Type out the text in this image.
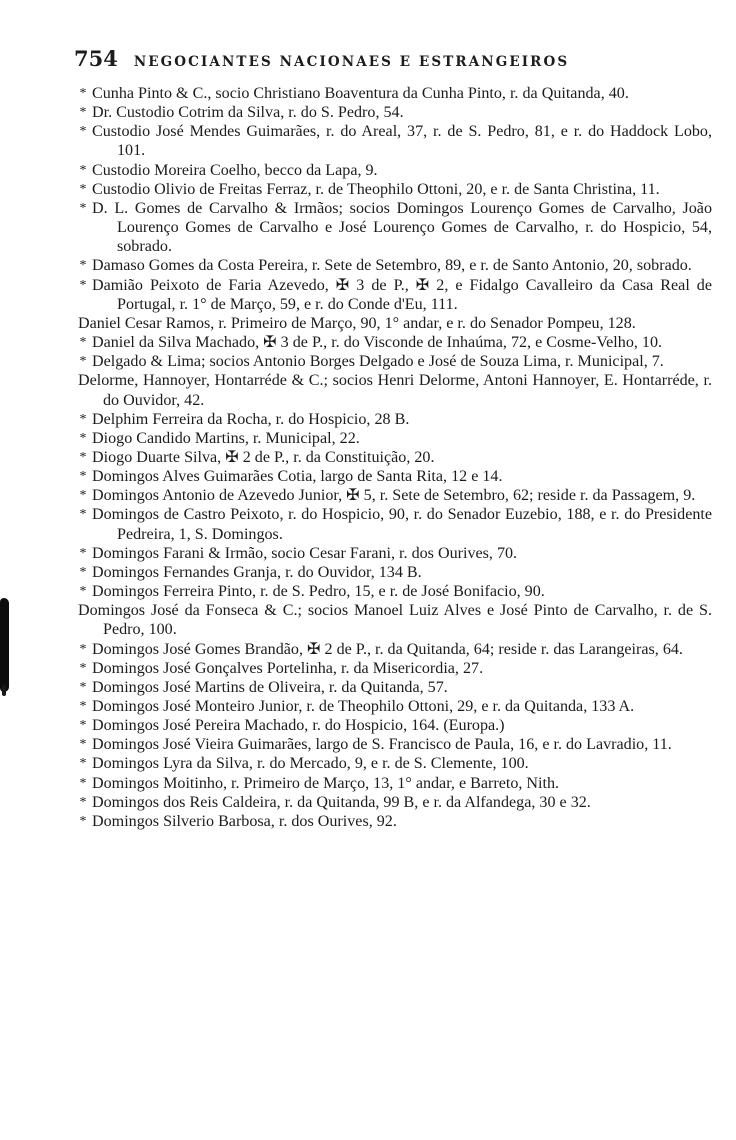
754 NEGOCIANTES NACIONAES E ESTRANGEIROS
* Cunha Pinto & C., socio Christiano Boaventura da Cunha Pinto, r. da Quitanda, 40.
* Dr. Custodio Cotrim da Silva, r. do S. Pedro, 54.
* Custodio José Mendes Guimarães, r. do Areal, 37, r. de S. Pedro, 81, e r. do Haddock Lobo, 101.
* Custodio Moreira Coelho, becco da Lapa, 9.
* Custodio Olivio de Freitas Ferraz, r. de Theophilo Ottoni, 20, e r. de Santa Christina, 11.
* D. L. Gomes de Carvalho & Irmãos; socios Domingos Lourenço Gomes de Carvalho, João Lourenço Gomes de Carvalho e José Lourenço Gomes de Carvalho, r. do Hospicio, 54, sobrado.
* Damaso Gomes da Costa Pereira, r. Sete de Setembro, 89, e r. de Santo Antonio, 20, sobrado.
* Damião Peixoto de Faria Azevedo, ✠ 3 de P., ✠ 2, e Fidalgo Cavalleiro da Casa Real de Portugal, r. 1° de Março, 59, e r. do Conde d'Eu, 111.
Daniel Cesar Ramos, r. Primeiro de Março, 90, 1° andar, e r. do Senador Pompeu, 128.
* Daniel da Silva Machado, ✠ 3 de P., r. do Visconde de Inhaúma, 72, e Cosme-Velho, 10.
* Delgado & Lima; socios Antonio Borges Delgado e José de Souza Lima, r. Municipal, 7.
Delorme, Hannoyer, Hontarréde & C.; socios Henri Delorme, Antoni Hannoyer, E. Hontarréde, r. do Ouvidor, 42.
* Delphim Ferreira da Rocha, r. do Hospicio, 28 B.
* Diogo Candido Martins, r. Municipal, 22.
* Diogo Duarte Silva, ✠ 2 de P., r. da Constituição, 20.
* Domingos Alves Guimarães Cotia, largo de Santa Rita, 12 e 14.
* Domingos Antonio de Azevedo Junior, ✠ 5, r. Sete de Setembro, 62; reside r. da Passagem, 9.
* Domingos de Castro Peixoto, r. do Hospicio, 90, r. do Senador Euzebio, 188, e r. do Presidente Pedreira, 1, S. Domingos.
* Domingos Farani & Irmão, socio Cesar Farani, r. dos Ourives, 70.
* Domingos Fernandes Granja, r. do Ouvidor, 134 B.
* Domingos Ferreira Pinto, r. de S. Pedro, 15, e r. de José Bonifacio, 90.
Domingos José da Fonseca & C.; socios Manoel Luiz Alves e José Pinto de Carvalho, r. de S. Pedro, 100.
* Domingos José Gomes Brandão, ✠ 2 de P., r. da Quitanda, 64; reside r. das Larangeiras, 64.
* Domingos José Gonçalves Portelinha, r. da Misericordia, 27.
* Domingos José Martins de Oliveira, r. da Quitanda, 57.
* Domingos José Monteiro Junior, r. de Theophilo Ottoni, 29, e r. da Quitanda, 133 A.
* Domingos José Pereira Machado, r. do Hospicio, 164. (Europa.)
* Domingos José Vieira Guimarães, largo de S. Francisco de Paula, 16, e r. do Lavradio, 11.
* Domingos Lyra da Silva, r. do Mercado, 9, e r. de S. Clemente, 100.
* Domingos Moitinho, r. Primeiro de Março, 13, 1° andar, e Barreto, Nith.
* Domingos dos Reis Caldeira, r. da Quitanda, 99 B, e r. da Alfandega, 30 e 32.
* Domingos Silverio Barbosa, r. dos Ourives, 92.
